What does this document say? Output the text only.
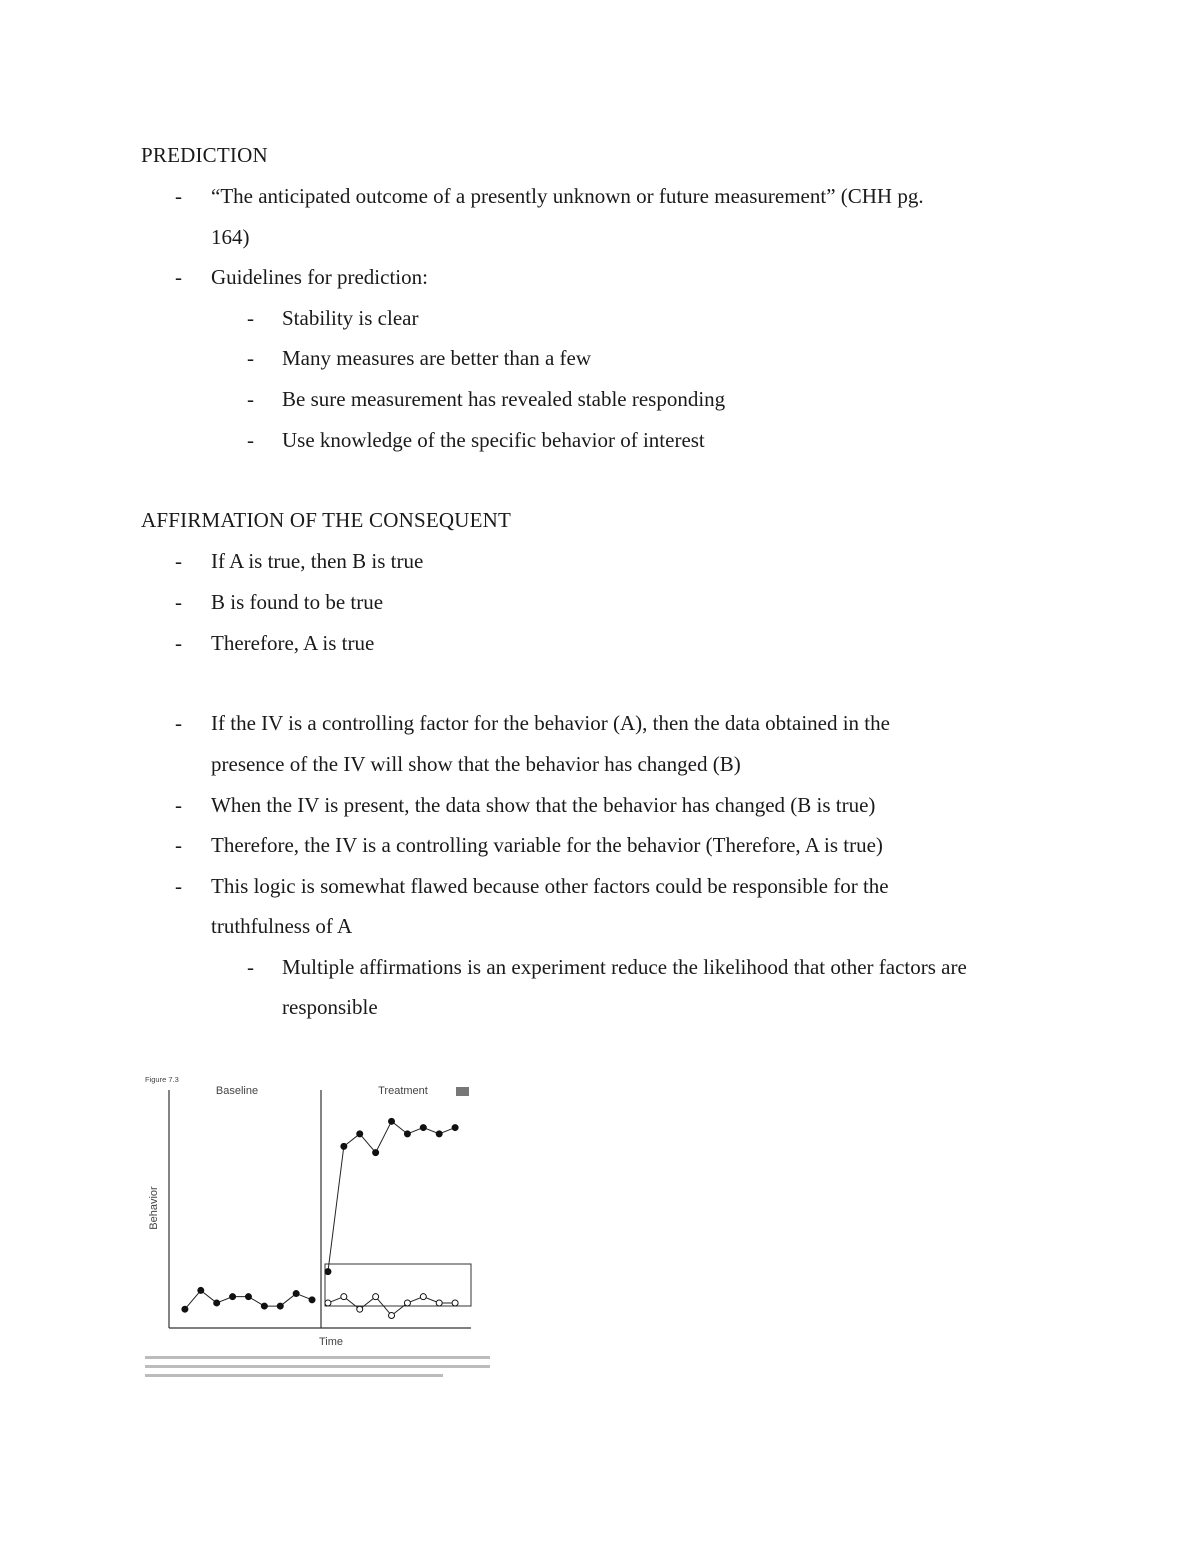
PREDICTION
- “The anticipated outcome of a presently unknown or future measurement” (CHH pg.
164)
- Guidelines for prediction:
- Stability is clear
- Many measures are better than a few
- Be sure measurement has revealed stable responding
- Use knowledge of the specific behavior of interest
AFFIRMATION OF THE CONSEQUENT
- If A is true, then B is true
- B is found to be true
- Therefore, A is true
- If the IV is a controlling factor for the behavior (A), then the data obtained in the
presence of the IV will show that the behavior has changed (B)
- When the IV is present, the data show that the behavior has changed (B is true)
- Therefore, the IV is a controlling variable for the behavior (Therefore, A is true)
- This logic is somewhat flawed because other factors could be responsible for the
truthfulness of A
- Multiple affirmations is an experiment reduce the likelihood that other factors are
responsible
Figure 7.3
Baseline	Treatment
Behavior
Time
